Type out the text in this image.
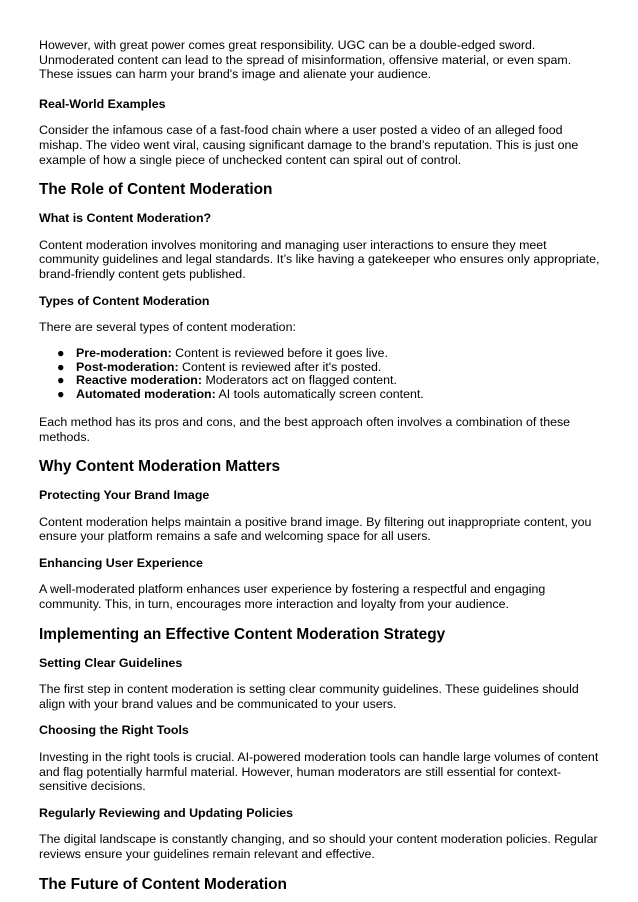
However, with great power comes great responsibility. UGC can be a double-edged sword. Unmoderated content can lead to the spread of misinformation, offensive material, or even spam. These issues can harm your brand's image and alienate your audience.

Real-World Examples

Consider the infamous case of a fast-food chain where a user posted a video of an alleged food mishap. The video went viral, causing significant damage to the brand’s reputation. This is just one example of how a single piece of unchecked content can spiral out of control.

The Role of Content Moderation
What is Content Moderation?

Content moderation involves monitoring and managing user interactions to ensure they meet community guidelines and legal standards. It’s like having a gatekeeper who ensures only appropriate, brand-friendly content gets published.

Types of Content Moderation

There are several types of content moderation:

● Pre-moderation: Content is reviewed before it goes live.
● Post-moderation: Content is reviewed after it's posted.
● Reactive moderation: Moderators act on flagged content.
● Automated moderation: AI tools automatically screen content.

Each method has its pros and cons, and the best approach often involves a combination of these methods.

Why Content Moderation Matters
Protecting Your Brand Image

Content moderation helps maintain a positive brand image. By filtering out inappropriate content, you ensure your platform remains a safe and welcoming space for all users.

Enhancing User Experience

A well-moderated platform enhances user experience by fostering a respectful and engaging community. This, in turn, encourages more interaction and loyalty from your audience.

Implementing an Effective Content Moderation Strategy
Setting Clear Guidelines

The first step in content moderation is setting clear community guidelines. These guidelines should align with your brand values and be communicated to your users.

Choosing the Right Tools

Investing in the right tools is crucial. AI-powered moderation tools can handle large volumes of content and flag potentially harmful material. However, human moderators are still essential for context-sensitive decisions.

Regularly Reviewing and Updating Policies

The digital landscape is constantly changing, and so should your content moderation policies. Regular reviews ensure your guidelines remain relevant and effective.

The Future of Content Moderation
